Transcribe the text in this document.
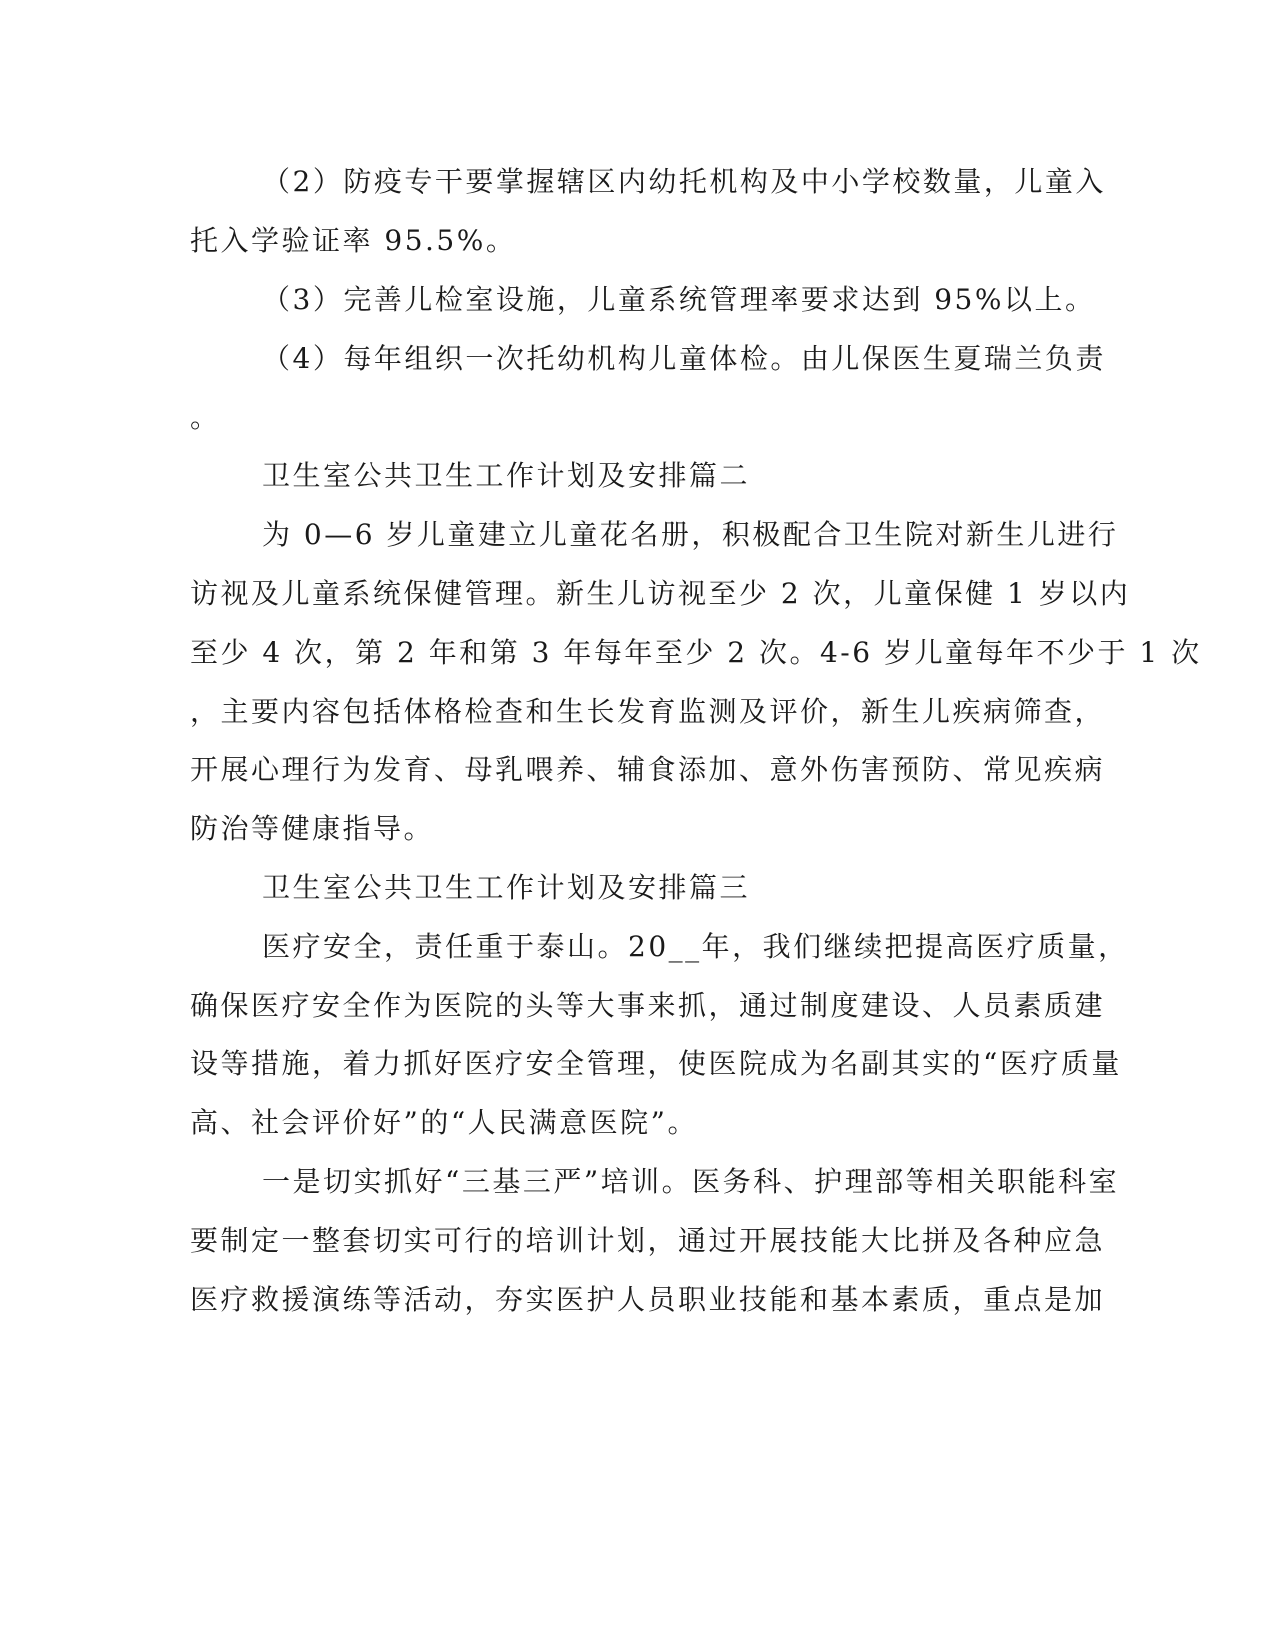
（2）防疫专干要掌握辖区内幼托机构及中小学校数量，儿童入
托入学验证率 95.5%。
（3）完善儿检室设施，儿童系统管理率要求达到 95%以上。
（4）每年组织一次托幼机构儿童体检。由儿保医生夏瑞兰负责
。
卫生室公共卫生工作计划及安排篇二
为 0—6 岁儿童建立儿童花名册，积极配合卫生院对新生儿进行
访视及儿童系统保健管理。新生儿访视至少 2 次，儿童保健 1 岁以内
至少 4 次，第 2 年和第 3 年每年至少 2 次。4-6 岁儿童每年不少于 1 次
，主要内容包括体格检查和生长发育监测及评价，新生儿疾病筛查，
开展心理行为发育、母乳喂养、辅食添加、意外伤害预防、常见疾病
防治等健康指导。
卫生室公共卫生工作计划及安排篇三
医疗安全，责任重于泰山。20__年，我们继续把提高医疗质量，
确保医疗安全作为医院的头等大事来抓，通过制度建设、人员素质建
设等措施，着力抓好医疗安全管理，使医院成为名副其实的“医疗质量
高、社会评价好”的“人民满意医院”。
一是切实抓好“三基三严”培训。医务科、护理部等相关职能科室
要制定一整套切实可行的培训计划，通过开展技能大比拼及各种应急
医疗救援演练等活动，夯实医护人员职业技能和基本素质，重点是加
